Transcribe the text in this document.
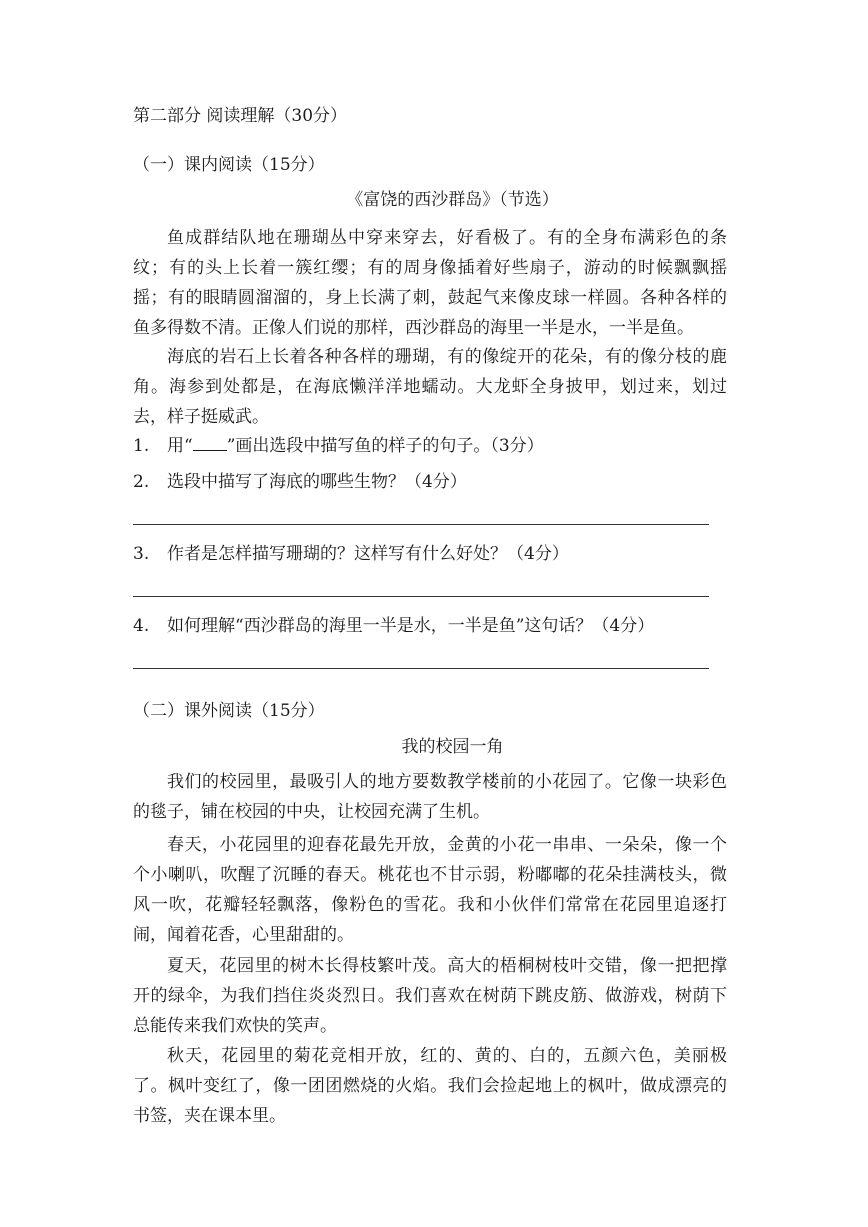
第二部分 阅读理解（30分）
（一）课内阅读（15分）
《富饶的西沙群岛》（节选）
鱼成群结队地在珊瑚丛中穿来穿去，好看极了。有的全身布满彩色的条纹；有的头上长着一簇红缨；有的周身像插着好些扇子，游动的时候飘飘摇摇；有的眼睛圆溜溜的，身上长满了刺，鼓起气来像皮球一样圆。各种各样的鱼多得数不清。正像人们说的那样，西沙群岛的海里一半是水，一半是鱼。
海底的岩石上长着各种各样的珊瑚，有的像绽开的花朵，有的像分枝的鹿角。海参到处都是，在海底懒洋洋地蠕动。大龙虾全身披甲，划过来，划过去，样子挺威武。
1. 用“ ”画出选段中描写鱼的样子的句子。（3分）
2. 选段中描写了海底的哪些生物？（4分）
3. 作者是怎样描写珊瑚的？这样写有什么好处？（4分）
4. 如何理解“西沙群岛的海里一半是水，一半是鱼”这句话？（4分）
（二）课外阅读（15分）
我的校园一角
我们的校园里，最吸引人的地方要数教学楼前的小花园了。它像一块彩色的毯子，铺在校园的中央，让校园充满了生机。
春天，小花园里的迎春花最先开放，金黄的小花一串串、一朵朵，像一个个小喇叭，吹醒了沉睡的春天。桃花也不甘示弱，粉嘟嘟的花朵挂满枝头，微风一吹，花瓣轻轻飘落，像粉色的雪花。我和小伙伴们常常在花园里追逐打闹，闻着花香，心里甜甜的。
夏天，花园里的树木长得枝繁叶茂。高大的梧桐树枝叶交错，像一把把撑开的绿伞，为我们挡住炎炎烈日。我们喜欢在树荫下跳皮筋、做游戏，树荫下总能传来我们欢快的笑声。
秋天，花园里的菊花竞相开放，红的、黄的、白的，五颜六色，美丽极了。枫叶变红了，像一团团燃烧的火焰。我们会捡起地上的枫叶，做成漂亮的书签，夹在课本里。
